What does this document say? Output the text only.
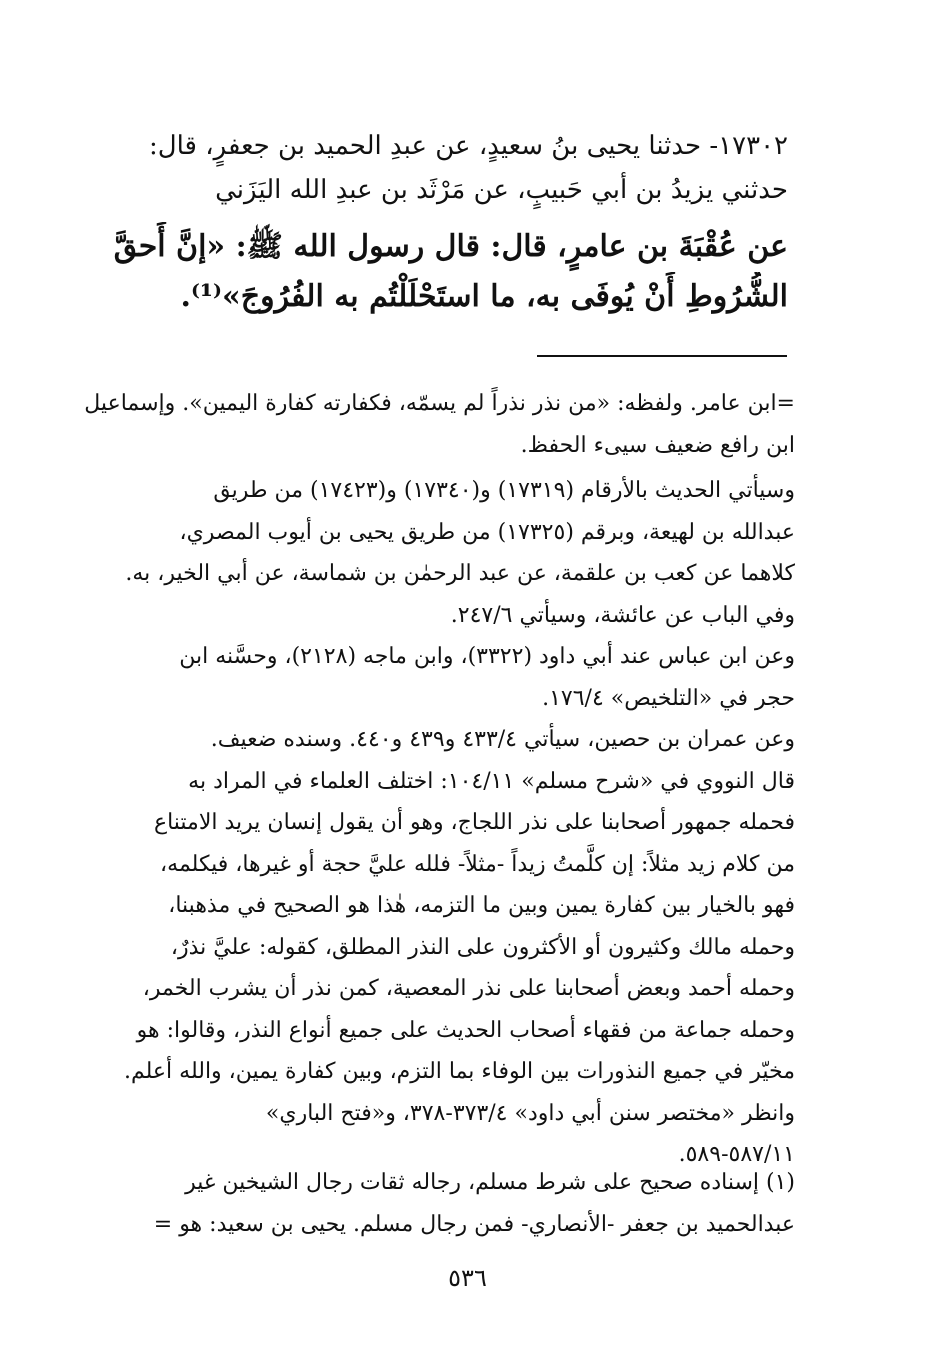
١٧٣٠٢- حدثنا يحيى بنُ سعيدٍ، عن عبدِ الحميد بن جعفرٍ، قال:
حدثني يزيدُ بن أبي حَبيبٍ، عن مَرْثَد بن عبدِ الله اليَزَني
عن عُقْبَةَ بن عامرٍ، قال: قال رسول الله ﷺ: «إنَّ أَحقَّ
الشُّرُوطِ أَنْ يُوفَى به، ما استَحْلَلْتُم به الفُرُوجَ»⁽¹⁾.
=ابن عامر. ولفظه: «من نذر نذراً لم يسمّه، فكفارته كفارة اليمين». وإسماعيل
ابن رافع ضعيف سيىء الحفظ.
وسيأتي الحديث بالأرقام (١٧٣١٩) و(١٧٣٤٠) و(١٧٤٢٣) من طريق
عبدالله بن لهيعة، وبرقم (١٧٣٢٥) من طريق يحيى بن أيوب المصري،
كلاهما عن كعب بن علقمة، عن عبد الرحمٰن بن شماسة، عن أبي الخير، به.
وفي الباب عن عائشة، وسيأتي ٢٤٧/٦.
وعن ابن عباس عند أبي داود (٣٣٢٢)، وابن ماجه (٢١٢٨)، وحسَّنه ابن
حجر في «التلخيص» ١٧٦/٤.
وعن عمران بن حصين، سيأتي ٤٣٣/٤ و٤٣٩ و٤٤٠. وسنده ضعيف.
قال النووي في «شرح مسلم» ١٠٤/١١: اختلف العلماء في المراد به
فحمله جمهور أصحابنا على نذر اللجاج، وهو أن يقول إنسان يريد الامتناع
من كلام زيد مثلاً: إن كلَّمتُ زيداً -مثلاً- فلله عليَّ حجة أو غيرها، فيكلمه،
فهو بالخيار بين كفارة يمين وبين ما التزمه، هٰذا هو الصحيح في مذهبنا،
وحمله مالك وكثيرون أو الأكثرون على النذر المطلق، كقوله: عليَّ نذرٌ،
وحمله أحمد وبعض أصحابنا على نذر المعصية، كمن نذر أن يشرب الخمر،
وحمله جماعة من فقهاء أصحاب الحديث على جميع أنواع النذر، وقالوا: هو
مخيّر في جميع النذورات بين الوفاء بما التزم، وبين كفارة يمين، والله أعلم.
وانظر «مختصر سنن أبي داود» ٣٧٣/٤-٣٧٨، و«فتح الباري»
٥٨٧/١١-٥٨٩.
(١) إسناده صحيح على شرط مسلم، رجاله ثقات رجال الشيخين غير
عبدالحميد بن جعفر -الأنصاري- فمن رجال مسلم. يحيى بن سعيد: هو =
٥٣٦
